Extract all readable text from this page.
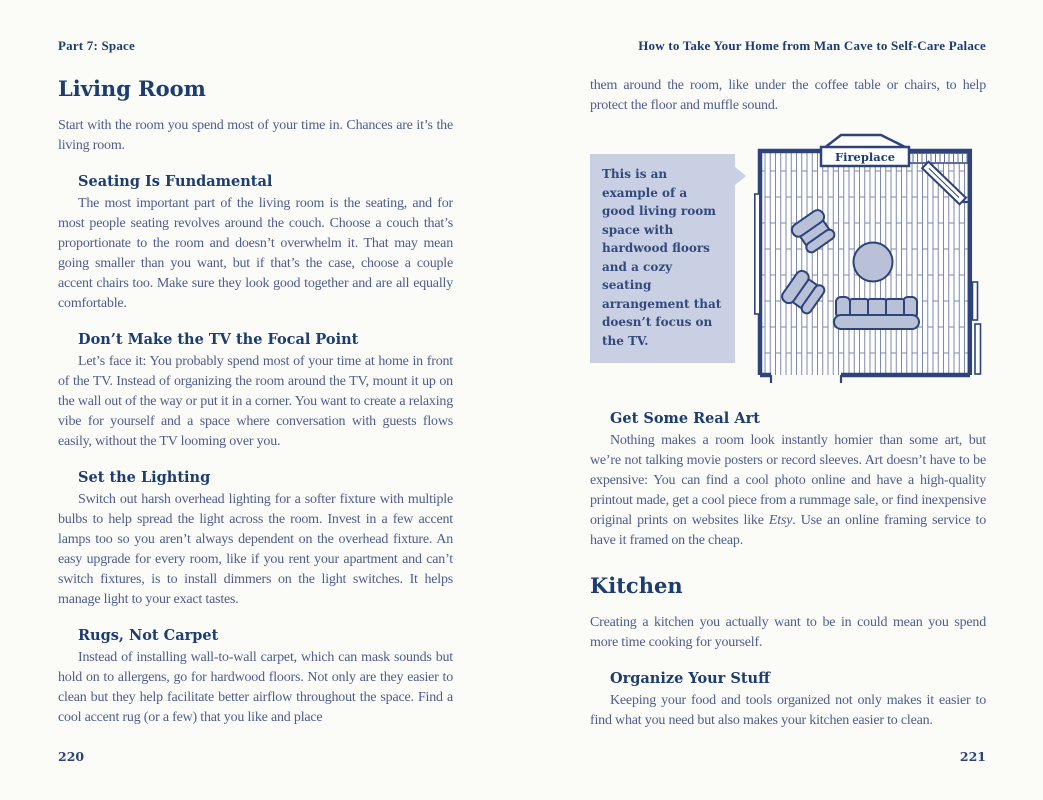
Part 7: Space
Living Room

Start with the room you spend most of your time in. Chances are it’s the living room.

Seating Is Fundamental

The most important part of the living room is the seating, and for most people seating revolves around the couch. Choose a couch that’s proportionate to the room and doesn’t overwhelm it. That may mean going smaller than you want, but if that’s the case, choose a couple accent chairs too. Make sure they look good together and are all equally comfortable.

Don’t Make the TV the Focal Point

Let’s face it: You probably spend most of your time at home in front of the TV. Instead of organizing the room around the TV, mount it up on the wall out of the way or put it in a corner. You want to create a relaxing vibe for yourself and a space where conversation with guests flows easily, without the TV looming over you.

Set the Lighting

Switch out harsh overhead lighting for a softer fixture with multiple bulbs to help spread the light across the room. Invest in a few accent lamps too so you aren’t always dependent on the overhead fixture. An easy upgrade for every room, like if you rent your apartment and can’t switch fixtures, is to install dimmers on the light switches. It helps manage light to your exact tastes.

Rugs, Not Carpet

Instead of installing wall-to-wall carpet, which can mask sounds but hold on to allergens, go for hardwood floors. Not only are they easier to clean but they help facilitate better airflow throughout the space. Find a cool accent rug (or a few) that you like and place

220
How to Take Your Home from Man Cave to Self-Care Palace

them around the room, like under the coffee table or chairs, to help protect the floor and muffle sound.

This is an example of a good living room space with hardwood floors and a cozy seating arrangement that doesn’t focus on the TV.
Fireplace
Get Some Real Art

Nothing makes a room look instantly homier than some art, but we’re not talking movie posters or record sleeves. Art doesn’t have to be expensive: You can find a cool photo online and have a high-quality printout made, get a cool piece from a rummage sale, or find inexpensive original prints on websites like Etsy. Use an online framing service to have it framed on the cheap.

Kitchen

Creating a kitchen you actually want to be in could mean you spend more time cooking for yourself.

Organize Your Stuff

Keeping your food and tools organized not only makes it easier to find what you need but also makes your kitchen easier to clean.

221
